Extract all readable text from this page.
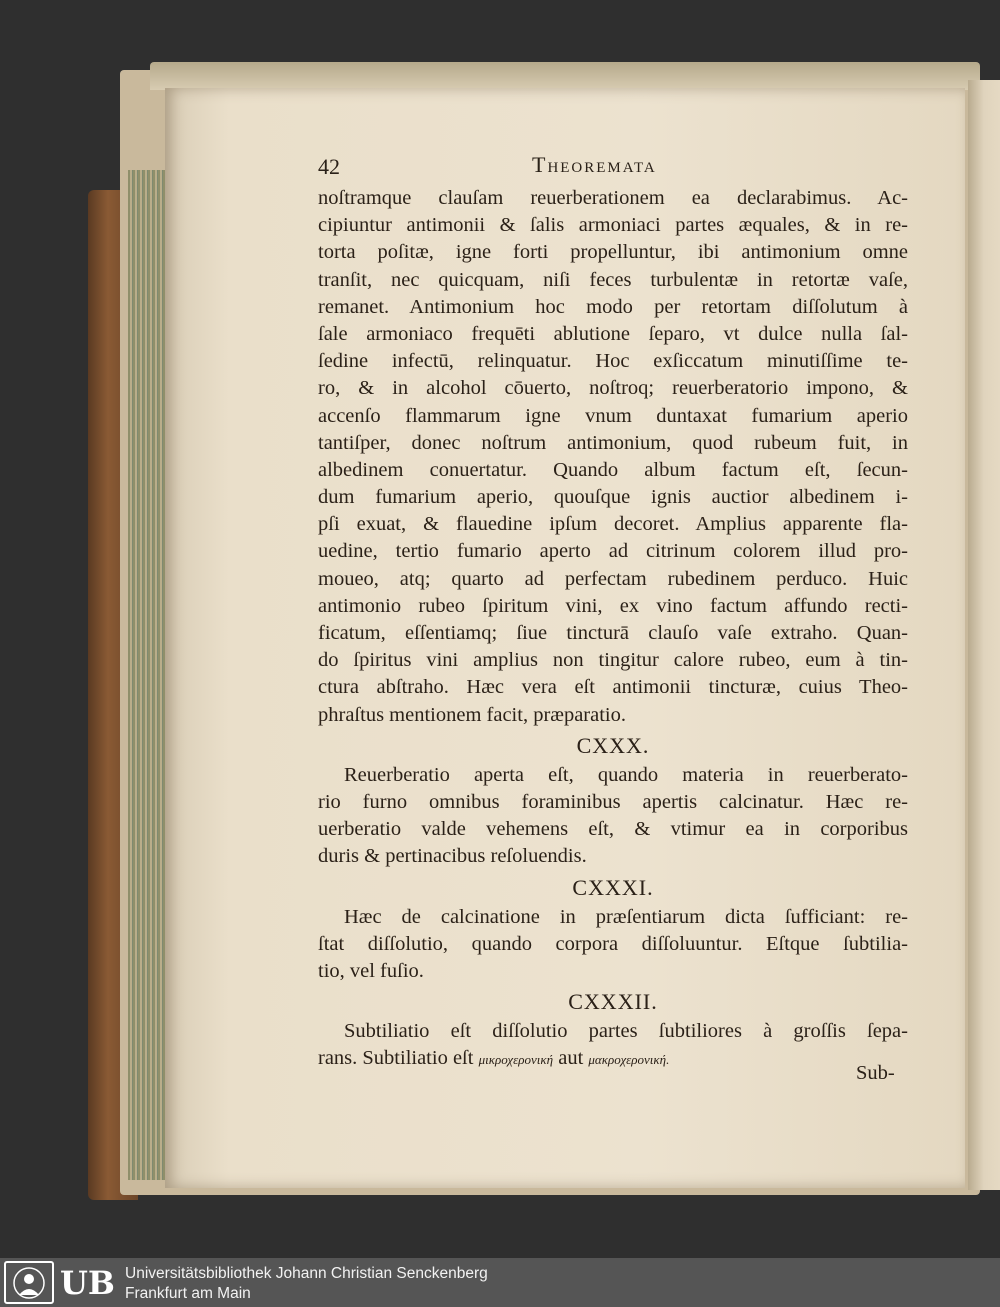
42	Theoremata
noſtramque clauſam reuerberationem ea declarabimus. Ac-
cipiuntur antimonii & ſalis armoniaci partes æquales, & in re-
torta poſitæ, igne forti propelluntur, ibi antimonium omne
tranſit, nec quicquam, niſi feces turbulentæ in retortæ vaſe,
remanet. Antimonium hoc modo per retortam diſſolutum à
ſale armoniaco frequēti ablutione ſeparo, vt dulce nulla ſal-
ſedine infectū, relinquatur. Hoc exſiccatum minutiſſime te-
ro, & in alcohol cōuerto, noſtroq; reuerberatorio impono, &
accenſo flammarum igne vnum duntaxat fumarium aperio
tantiſper, donec noſtrum antimonium, quod rubeum fuit, in
albedinem conuertatur. Quando album factum eſt, ſecun-
dum fumarium aperio, quouſque ignis auctior albedinem i-
pſi exuat, & flauedine ipſum decoret. Amplius apparente fla-
uedine, tertio fumario aperto ad citrinum colorem illud pro-
moueo, atq; quarto ad perfectam rubedinem perduco. Huic
antimonio rubeo ſpiritum vini, ex vino factum affundo recti-
ficatum, eſſentiamq; ſiue tincturā clauſo vaſe extraho. Quan-
do ſpiritus vini amplius non tingitur calore rubeo, eum à tin-
ctura abſtraho. Hæc vera eſt antimonii tincturæ, cuius Theo-
phraſtus mentionem facit, præparatio.
CXXX.
Reuerberatio aperta eſt, quando materia in reuerberato-
rio furno omnibus foraminibus apertis calcinatur. Hæc re-
uerberatio valde vehemens eſt, & vtimur ea in corporibus
duris & pertinacibus reſoluendis.
CXXXI.
Hæc de calcinatione in præſentiarum dicta ſufficiant: re-
ſtat diſſolutio, quando corpora diſſoluuntur. Eſtque ſubtilia-
tio, vel fuſio.
CXXXII.
Subtiliatio eſt diſſolutio partes ſubtiliores à groſſis ſepa-
rans. Subtiliatio eſt μικροχερονική aut μακροχερονική.
Sub-
UB Universitätsbibliothek Johann Christian Senckenberg
Frankfurt am Main
